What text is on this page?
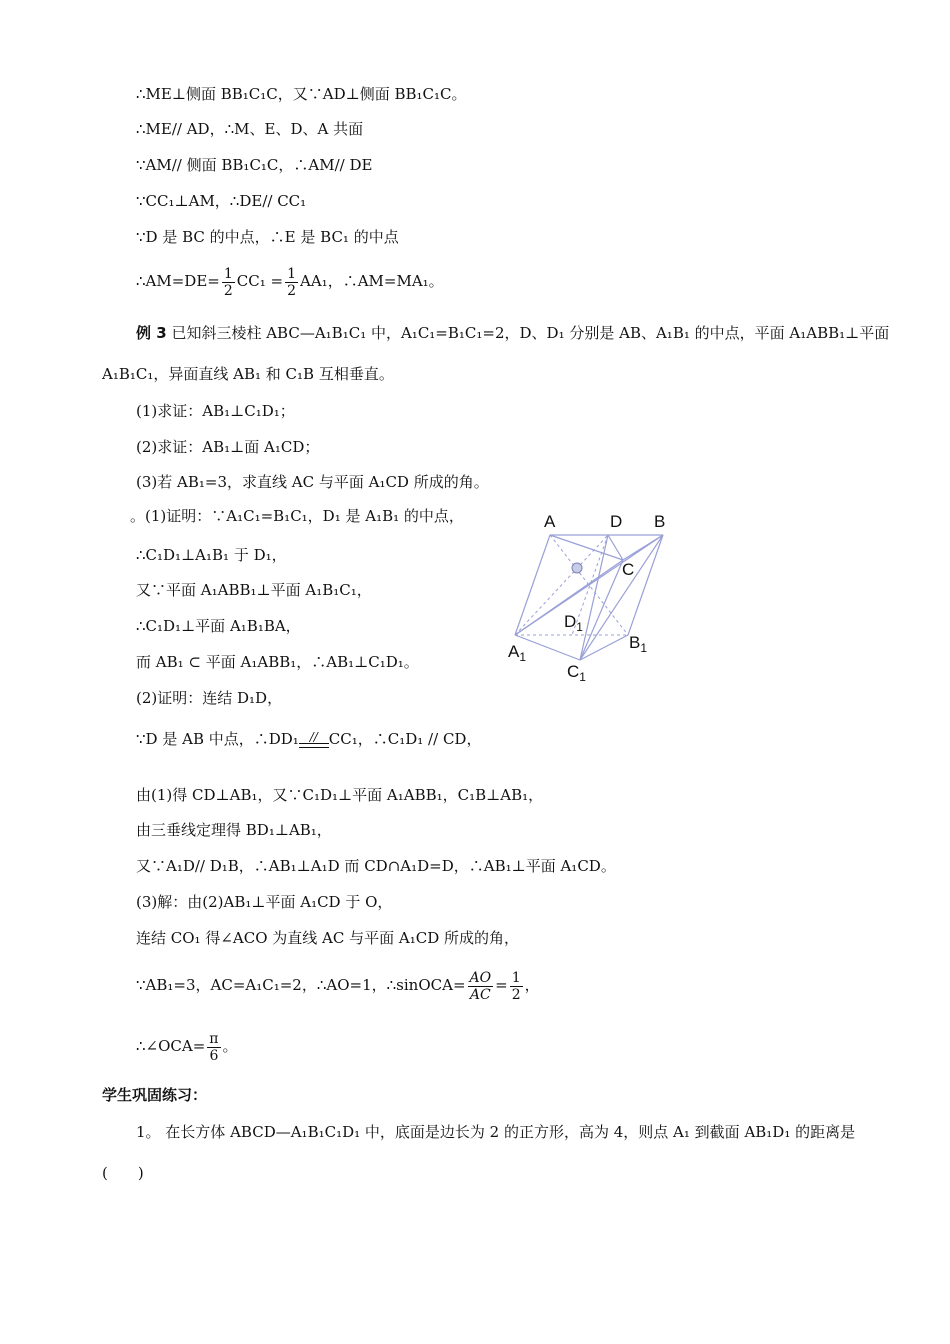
∴ME⊥侧面 BB₁C₁C，又∵AD⊥侧面 BB₁C₁C。
∴ME// AD，∴M、E、D、A 共面
∵AM// 侧面 BB₁C₁C，∴AM// DE
∵CC₁⊥AM，∴DE// CC₁
∵D 是 BC 的中点，∴E 是 BC₁ 的中点
∴AM=DE= $\frac{1}{2} CC_1 = \frac{1}{2} AA_1$，∴AM=MA₁。
例 3 已知斜三棱柱 ABC—A₁B₁C₁ 中，A₁C₁=B₁C₁=2，D、D₁ 分别是 AB、A₁B₁ 的中点，平面 A₁ABB₁⊥平面
A₁B₁C₁，异面直线 AB₁ 和 C₁B 互相垂直。
(1)求证：AB₁⊥C₁D₁；
(2)求证：AB₁⊥面 A₁CD；
(3)若 AB₁=3，求直线 AC 与平面 A₁CD 所成的角。
。(1)证明：∵A₁C₁=B₁C₁，D₁ 是 A₁B₁ 的中点，
∴C₁D₁⊥A₁B₁ 于 D₁，
又∵平面 A₁ABB₁⊥平面 A₁B₁C₁，
∴C₁D₁⊥平面 A₁B₁BA，
而 AB₁ ⊂ 平面 A₁ABB₁，∴AB₁⊥C₁D₁。
(2)证明：连结 D₁D，
∵D 是 AB 中点，∴DD₁ // CC₁，∴C₁D₁ // CD，
由(1)得 CD⊥AB₁，又∵C₁D₁⊥平面 A₁ABB₁，C₁B⊥AB₁，
由三垂线定理得 BD₁⊥AB₁，
又∵A₁D// D₁B，∴AB₁⊥A₁D 而 CD∩A₁D=D，∴AB₁⊥平面 A₁CD。
(3)解：由(2)AB₁⊥平面 A₁CD 于 O，
连结 CO₁ 得∠ACO 为直线 AC 与平面 A₁CD 所成的角，
∵AB₁=3，AC=A₁C₁=2，∴AO=1，∴sinOCA= $\frac{AO}{AC} = \frac{1}{2}$ ，
∴∠OCA= $\frac{\pi}{6}$ 。
学生巩固练习：
1。 在长方体 ABCD—A₁B₁C₁D₁ 中，底面是边长为 2 的正方形，高为 4，则点 A₁ 到截面 AB₁D₁ 的距离是
(　　)
A	D B
C
$D_1$
$A_1$
$B_1$
$C_1$
